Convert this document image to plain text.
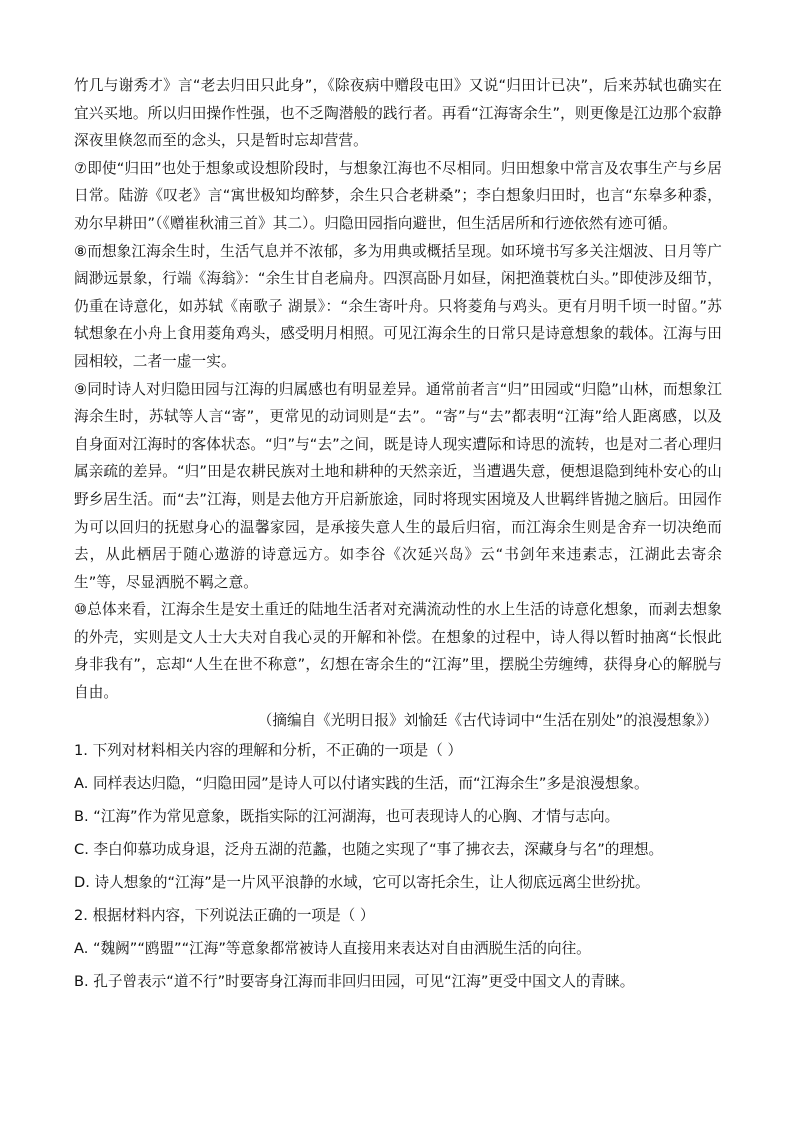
竹几与谢秀才》言“老去归田只此身”，《除夜病中赠段屯田》又说“归田计已决”，后来苏轼也确实在宜兴买地。所以归田操作性强，也不乏陶潜般的践行者。再看“江海寄余生”，则更像是江边那个寂静深夜里倏忽而至的念头，只是暂时忘却营营。

⑦即使“归田”也处于想象或设想阶段时，与想象江海也不尽相同。归田想象中常言及农事生产与乡居日常。陆游《叹老》言“寓世极知均醉梦，余生只合老耕桑”；李白想象归田时，也言“东皋多种黍，劝尔早耕田”（《赠崔秋浦三首》其二）。归隐田园指向避世，但生活居所和行迹依然有迹可循。

⑧而想象江海余生时，生活气息并不浓郁，多为用典或概括呈现。如环境书写多关注烟波、日月等广阔渺远景象，行端《海翁》：“余生甘自老扁舟。四溟高卧月如昼，闲把渔蓑枕白头。”即使涉及细节，仍重在诗意化，如苏轼《南歌子 湖景》：“余生寄叶舟。只将菱角与鸡头。更有月明千顷一时留。”苏轼想象在小舟上食用菱角鸡头，感受明月相照。可见江海余生的日常只是诗意想象的载体。江海与田园相较，二者一虚一实。

⑨同时诗人对归隐田园与江海的归属感也有明显差异。通常前者言“归”田园或“归隐”山林，而想象江海余生时，苏轼等人言“寄”，更常见的动词则是“去”。“寄”与“去”都表明“江海”给人距离感，以及自身面对江海时的客体状态。“归”与“去”之间，既是诗人现实遭际和诗思的流转，也是对二者心理归属亲疏的差异。“归”田是农耕民族对土地和耕种的天然亲近，当遭遇失意，便想退隐到纯朴安心的山野乡居生活。而“去”江海，则是去他方开启新旅途，同时将现实困境及人世羁绊皆抛之脑后。田园作为可以回归的抚慰身心的温馨家园，是承接失意人生的最后归宿，而江海余生则是舍弃一切决绝而去，从此栖居于随心遨游的诗意远方。如李谷《次延兴岛》云“书剑年来违素志，江湖此去寄余生”等，尽显洒脱不羁之意。

⑩总体来看，江海余生是安土重迁的陆地生活者对充满流动性的水上生活的诗意化想象，而剥去想象的外壳，实则是文人士大夫对自我心灵的开解和补偿。在想象的过程中，诗人得以暂时抽离“长恨此身非我有”，忘却“人生在世不称意”，幻想在寄余生的“江海”里，摆脱尘劳缠缚，获得身心的解脱与自由。

（摘编自《光明日报》刘愉廷《古代诗词中“生活在别处”的浪漫想象》）

1. 下列对材料相关内容的理解和分析，不正确的一项是（ ）

A. 同样表达归隐，“归隐田园”是诗人可以付诸实践的生活，而“江海余生”多是浪漫想象。

B. “江海”作为常见意象，既指实际的江河湖海，也可表现诗人的心胸、才情与志向。

C. 李白仰慕功成身退，泛舟五湖的范蠡，也随之实现了“事了拂衣去，深藏身与名”的理想。

D. 诗人想象的“江海”是一片风平浪静的水域，它可以寄托余生，让人彻底远离尘世纷扰。

2. 根据材料内容，下列说法正确的一项是（ ）

A. “魏阙”“鸥盟”“江海”等意象都常被诗人直接用来表达对自由洒脱生活的向往。

B. 孔子曾表示“道不行”时要寄身江海而非回归田园，可见“江海”更受中国文人的青睐。
